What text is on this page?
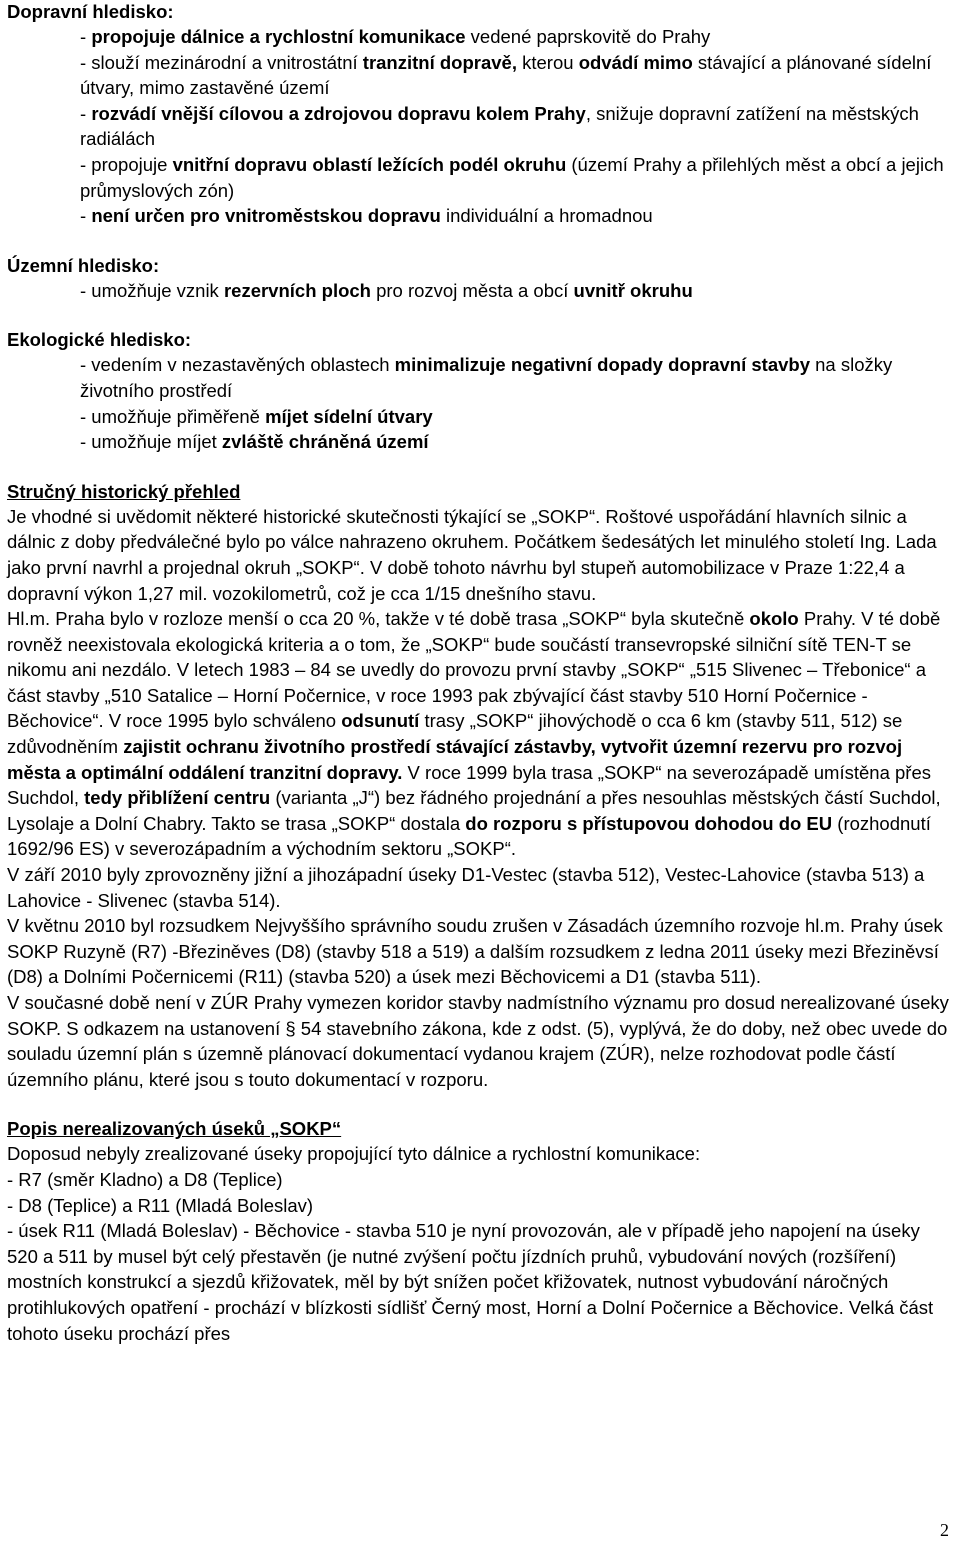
Dopravní hledisko:
- propojuje dálnice a rychlostní komunikace vedené paprskovitě do Prahy
- slouží mezinárodní a vnitrostátní tranzitní dopravě, kterou odvádí mimo stávající a plánované sídelní útvary, mimo zastavěné území
- rozvádí vnější cílovou a zdrojovou dopravu kolem Prahy, snižuje dopravní zatížení na městských radiálách
- propojuje vnitřní dopravu oblastí ležících podél okruhu (území Prahy a přilehlých měst a obcí a jejich průmyslových zón)
- není určen pro vnitroměstskou dopravu individuální a hromadnou
Územní hledisko:
- umožňuje vznik rezervních ploch pro rozvoj města a obcí uvnitř okruhu
Ekologické hledisko:
- vedením v nezastavěných oblastech minimalizuje negativní dopady dopravní stavby na složky životního prostředí
- umožňuje přiměřeně míjet sídelní útvary
- umožňuje míjet zvláště chráněná území
Stručný historický přehled

Je vhodné si uvědomit některé historické skutečnosti týkající se „SOKP“. Roštové uspořádání hlavních silnic a dálnic z doby předválečné bylo po válce nahrazeno okruhem. Počátkem šedesátých let minulého století Ing. Lada jako první navrhl a projednal okruh „SOKP“. V době tohoto návrhu byl stupeň automobilizace v Praze 1:22,4 a dopravní výkon 1,27 mil. vozokilometrů, což je cca 1/15 dnešního stavu.

Hl.m. Praha bylo v rozloze menší o cca 20 %, takže v té době trasa „SOKP“ byla skutečně okolo Prahy. V té době rovněž neexistovala ekologická kriteria a o tom, že „SOKP“ bude součástí transevropské silniční sítě TEN-T se nikomu ani nezdálo. V letech 1983 – 84 se uvedly do provozu první stavby „SOKP“ „515 Slivenec – Třebonice“ a část stavby „510 Satalice – Horní Počernice, v roce 1993 pak zbývající část stavby 510 Horní Počernice - Běchovice“. V roce 1995 bylo schváleno odsunutí trasy „SOKP“ jihovýchodě o cca 6 km (stavby 511, 512) se zdůvodněním zajistit ochranu životního prostředí stávající zástavby, vytvořit územní rezervu pro rozvoj města a optimální oddálení tranzitní dopravy. V roce 1999 byla trasa „SOKP“ na severozápadě umístěna přes Suchdol, tedy přiblížení centru (varianta „J“) bez řádného projednání a přes nesouhlas městských částí Suchdol, Lysolaje a Dolní Chabry. Takto se trasa „SOKP“ dostala do rozporu s přístupovou dohodou do EU (rozhodnutí 1692/96 ES) v severozápadním a východním sektoru „SOKP“.

V září 2010 byly zprovozněny jižní a jihozápadní úseky D1-Vestec (stavba 512), Vestec-Lahovice (stavba 513) a Lahovice - Slivenec (stavba 514).

V květnu 2010 byl rozsudkem Nejvyššího správního soudu zrušen v Zásadách územního rozvoje hl.m. Prahy úsek SOKP Ruzyně (R7) -Březiněves (D8) (stavby 518 a 519) a dalším rozsudkem z ledna 2011 úseky mezi Březiněvsí (D8) a Dolními Počernicemi (R11) (stavba 520) a úsek mezi Běchovicemi a D1 (stavba 511).

V současné době není v ZÚR Prahy vymezen koridor stavby nadmístního významu pro dosud nerealizované úseky SOKP. S odkazem na ustanovení § 54 stavebního zákona, kde z odst. (5), vyplývá, že do doby, než obec uvede do souladu územní plán s územně plánovací dokumentací vydanou krajem (ZÚR), nelze rozhodovat podle částí územního plánu, které jsou s touto dokumentací v rozporu.

Popis nerealizovaných úseků „SOKP“

Doposud nebyly zrealizované úseky propojující tyto dálnice a rychlostní komunikace:

- R7 (směr Kladno) a D8 (Teplice)

- D8 (Teplice) a R11 (Mladá Boleslav)

- úsek R11 (Mladá Boleslav) - Běchovice - stavba 510 je nyní provozován, ale v případě jeho napojení na úseky 520 a 511 by musel být celý přestavěn (je nutné zvýšení počtu jízdních pruhů, vybudování nových (rozšíření) mostních konstrukcí a sjezdů křižovatek, měl by být snížen počet křižovatek, nutnost vybudování náročných protihlukových opatření - prochází v blízkosti sídlišť Černý most, Horní a Dolní Počernice a Běchovice. Velká část tohoto úseku prochází přes

2
